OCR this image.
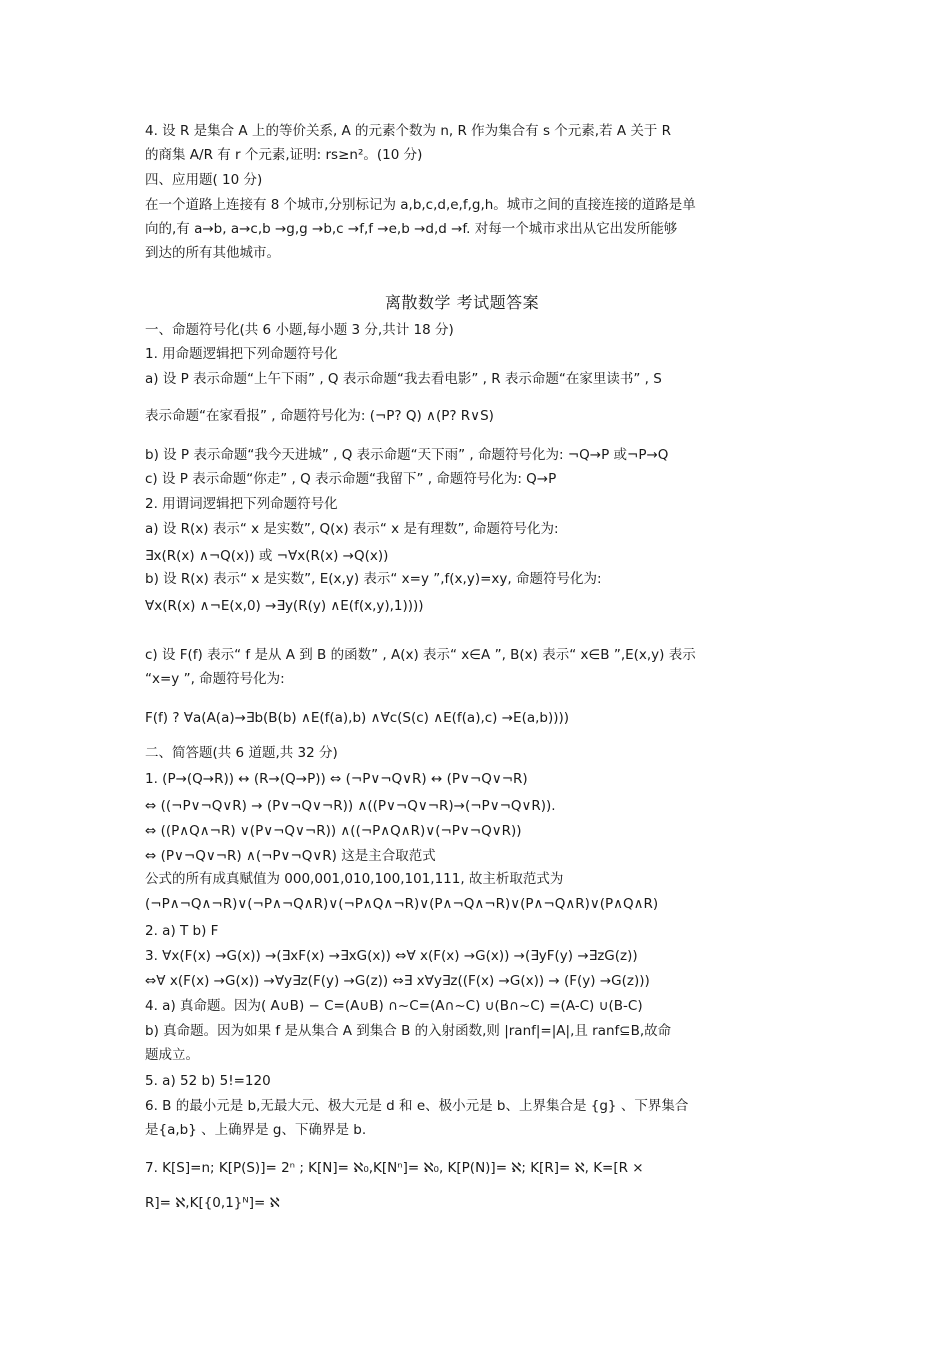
4. 设 R 是集合 A 上的等价关系, A 的元素个数为 n, R 作为集合有 s 个元素,若 A 关于 R
的商集 A/R 有 r 个元素,证明: rs≥n²。(10 分)
四、应用题( 10 分)
在一个道路上连接有 8 个城市,分别标记为 a,b,c,d,e,f,g,h。城市之间的直接连接的道路是单
向的,有 a→b, a→c,b →g,g →b,c →f,f →e,b →d,d →f. 对每一个城市求出从它出发所能够
到达的所有其他城市。
离散数学 考试题答案
一、命题符号化(共 6 小题,每小题 3 分,共计 18 分)
1. 用命题逻辑把下列命题符号化
a) 设 P 表示命题“上午下雨” , Q 表示命题“我去看电影” , R 表示命题“在家里读书” , S
表示命题“在家看报” , 命题符号化为: (¬P? Q) ∧(P? R∨S)
b) 设 P 表示命题“我今天进城” , Q 表示命题“天下雨” , 命题符号化为: ¬Q→P 或¬P→Q
c) 设 P 表示命题“你走” , Q 表示命题“我留下” , 命题符号化为: Q→P
2. 用谓词逻辑把下列命题符号化
a) 设 R(x) 表示“ x 是实数”, Q(x) 表示“ x 是有理数”, 命题符号化为:
∃x(R(x) ∧¬Q(x)) 或 ¬∀x(R(x) →Q(x))
b) 设 R(x) 表示“ x 是实数”, E(x,y) 表示“ x=y ”,f(x,y)=xy, 命题符号化为:
∀x(R(x) ∧¬E(x,0) →∃y(R(y) ∧E(f(x,y),1))))
c) 设 F(f) 表示“ f 是从 A 到 B 的函数” , A(x) 表示“ x∈A ”, B(x) 表示“ x∈B ”,E(x,y) 表示
“x=y ”, 命题符号化为:
F(f) ? ∀a(A(a)→∃b(B(b) ∧E(f(a),b) ∧∀c(S(c) ∧E(f(a),c) →E(a,b))))
二、简答题(共 6 道题,共 32 分)
1. (P→(Q→R)) ↔ (R→(Q→P)) ⇔ (¬P∨¬Q∨R) ↔ (P∨¬Q∨¬R)
⇔ ((¬P∨¬Q∨R) → (P∨¬Q∨¬R)) ∧((P∨¬Q∨¬R)→(¬P∨¬Q∨R)).
⇔ ((P∧Q∧¬R) ∨(P∨¬Q∨¬R)) ∧((¬P∧Q∧R)∨(¬P∨¬Q∨R))
⇔ (P∨¬Q∨¬R) ∧(¬P∨¬Q∨R) 这是主合取范式
公式的所有成真赋值为 000,001,010,100,101,111, 故主析取范式为
(¬P∧¬Q∧¬R)∨(¬P∧¬Q∧R)∨(¬P∧Q∧¬R)∨(P∧¬Q∧¬R)∨(P∧¬Q∧R)∨(P∧Q∧R)
2. a) T b) F
3. ∀x(F(x) →G(x)) →(∃xF(x) →∃xG(x)) ⇔∀ x(F(x) →G(x)) →(∃yF(y) →∃zG(z))
⇔∀ x(F(x) →G(x)) →∀y∃z(F(y) →G(z)) ⇔∃ x∀y∃z((F(x) →G(x)) → (F(y) →G(z)))
4. a) 真命题。因为( A∪B) − C=(A∪B) ∩~C=(A∩~C) ∪(B∩~C) =(A-C) ∪(B-C)
b) 真命题。因为如果 f 是从集合 A 到集合 B 的入射函数,则 |ranf|=|A|,且 ranf⊆B,故命
题成立。
5. a) 52 b) 5!=120
6. B 的最小元是 b,无最大元、极大元是 d 和 e、极小元是 b、上界集合是 {g} 、下界集合
是{a,b} 、上确界是 g、下确界是 b.
7. K[S]=n; K[P(S)]= 2ⁿ ; K[N]= ℵ₀,K[Nⁿ]= ℵ₀, K[P(N)]= ℵ; K[R]= ℵ, K=[R ×
R]= ℵ,K[{0,1}ᴺ]= ℵ
